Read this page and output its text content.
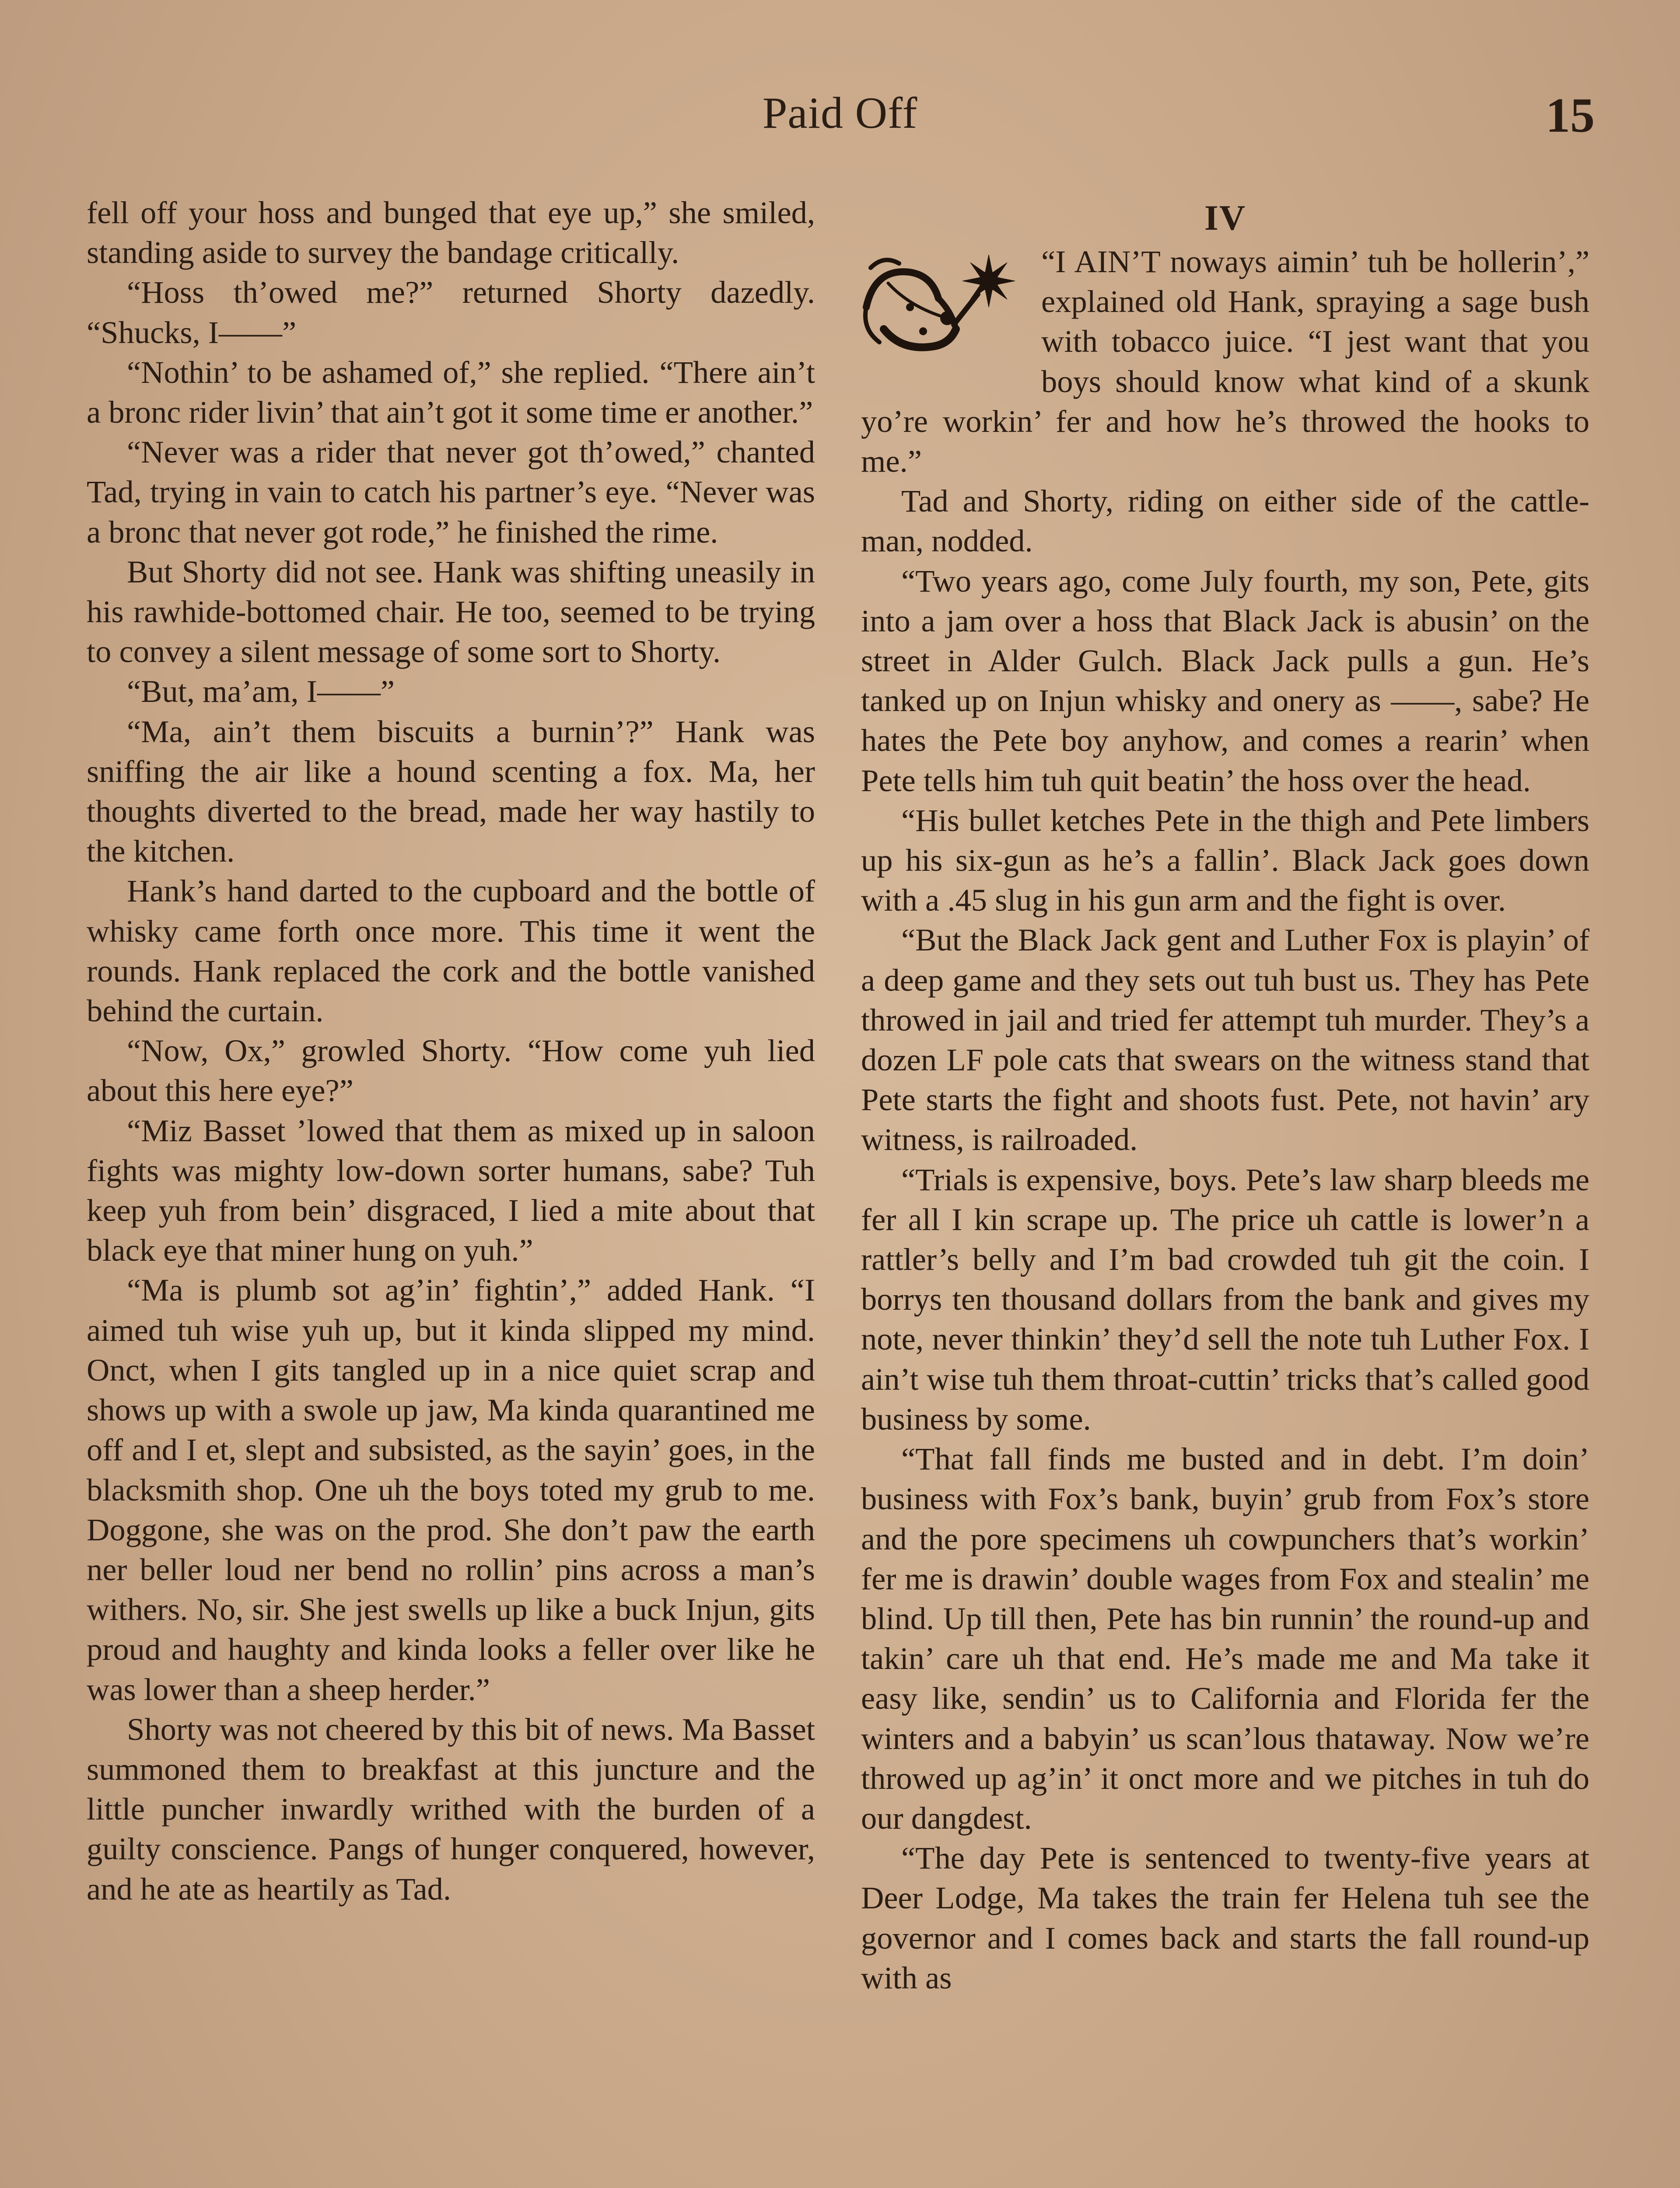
Paid Off	15

fell off your hoss and bunged that eye up,” she smiled, standing aside to survey the bandage critically.

“Hoss th’owed me?” returned Shorty dazedly. “Shucks, I——”

“Nothin’ to be ashamed of,” she replied. “There ain’t a bronc rider livin’ that ain’t got it some time er another.”

“Never was a rider that never got th’owed,” chanted Tad, trying in vain to catch his partner’s eye. “Never was a bronc that never got rode,” he finished the rime.

But Shorty did not see. Hank was shifting uneasily in his rawhide-bottomed chair. He too, seemed to be trying to convey a silent message of some sort to Shorty.

“But, ma’am, I——”

“Ma, ain’t them biscuits a burnin’?” Hank was sniffing the air like a hound scenting a fox. Ma, her thoughts diverted to the bread, made her way hastily to the kitchen.

Hank’s hand darted to the cupboard and the bottle of whisky came forth once more. This time it went the rounds. Hank replaced the cork and the bottle vanished behind the curtain.

“Now, Ox,” growled Shorty. “How come yuh lied about this here eye?”

“Miz Basset ’lowed that them as mixed up in saloon fights was mighty low-down sorter humans, sabe? Tuh keep yuh from bein’ disgraced, I lied a mite about that black eye that miner hung on yuh.”

“Ma is plumb sot ag’in’ fightin’,” added Hank. “I aimed tuh wise yuh up, but it kinda slipped my mind. Onct, when I gits tangled up in a nice quiet scrap and shows up with a swole up jaw, Ma kinda quarantined me off and I et, slept and subsisted, as the sayin’ goes, in the blacksmith shop. One uh the boys toted my grub to me. Doggone, she was on the prod. She don’t paw the earth ner beller loud ner bend no rollin’ pins across a man’s withers. No, sir. She jest swells up like a buck Injun, gits proud and haughty and kinda looks a feller over like he was lower than a sheep herder.”

Shorty was not cheered by this bit of news. Ma Basset summoned them to breakfast at this juncture and the little puncher inwardly writhed with the burden of a guilty conscience. Pangs of hunger conquered, however, and he ate as heartily as Tad.

IV

“I AIN’T noways aimin’ tuh be hollerin’,” explained old Hank, spraying a sage bush with tobacco juice. “I jest want that you boys should know what kind of a skunk yo’re workin’ fer and how he’s throwed the hooks to me.”

Tad and Shorty, riding on either side of the cattle-man, nodded.

“Two years ago, come July fourth, my son, Pete, gits into a jam over a hoss that Black Jack is abusin’ on the street in Alder Gulch. Black Jack pulls a gun. He’s tanked up on Injun whisky and onery as ——, sabe? He hates the Pete boy anyhow, and comes a rearin’ when Pete tells him tuh quit beatin’ the hoss over the head.

“His bullet ketches Pete in the thigh and Pete limbers up his six-gun as he’s a fallin’. Black Jack goes down with a .45 slug in his gun arm and the fight is over.

“But the Black Jack gent and Luther Fox is playin’ of a deep game and they sets out tuh bust us. They has Pete throwed in jail and tried fer attempt tuh murder. They’s a dozen LF pole cats that swears on the witness stand that Pete starts the fight and shoots fust. Pete, not havin’ ary witness, is railroaded.

“Trials is expensive, boys. Pete’s law sharp bleeds me fer all I kin scrape up. The price uh cattle is lower’n a rattler’s belly and I’m bad crowded tuh git the coin. I borrys ten thousand dollars from the bank and gives my note, never thinkin’ they’d sell the note tuh Luther Fox. I ain’t wise tuh them throat-cuttin’ tricks that’s called good business by some.

“That fall finds me busted and in debt. I’m doin’ business with Fox’s bank, buyin’ grub from Fox’s store and the pore specimens uh cowpunchers that’s workin’ fer me is drawin’ double wages from Fox and stealin’ me blind. Up till then, Pete has bin runnin’ the round-up and takin’ care uh that end. He’s made me and Ma take it easy like, sendin’ us to California and Florida fer the winters and a babyin’ us scan’lous thataway. Now we’re throwed up ag’in’ it onct more and we pitches in tuh do our dangdest.

“The day Pete is sentenced to twenty-five years at Deer Lodge, Ma takes the train fer Helena tuh see the governor and I comes back and starts the fall round-up with as
